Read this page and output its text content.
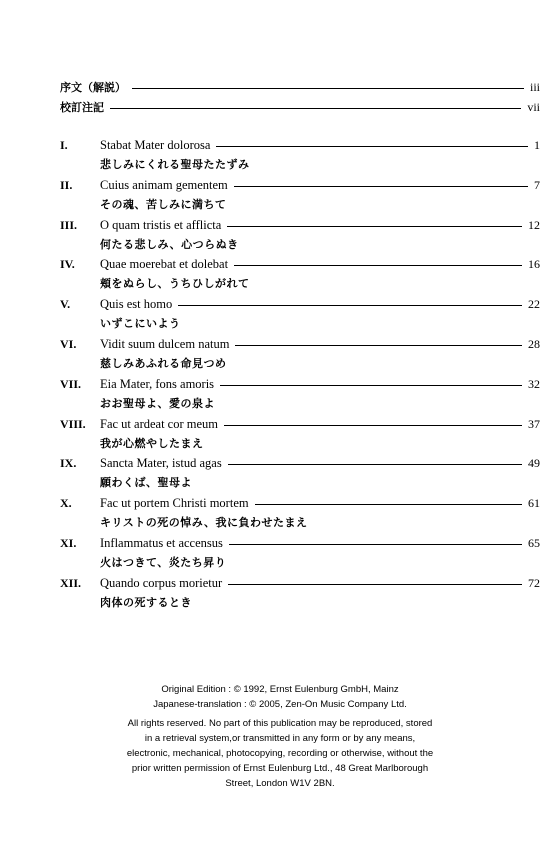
序文（解説）	iii
校訂注記	vii
I.	Stabat Mater dolorosa	1
悲しみにくれる聖母たたずみ
II. Cuius animam gementem	7
その魂、苦しみに満ちて
III. O quam tristis et afflicta	12
何たる悲しみ、心つらぬき
IV. Quae moerebat et dolebat	16
頬をぬらし、うちひしがれて
V. Quis est homo	22
いずこにいよう
VI. Vidit suum dulcem natum	28
慈しみあふれる命見つめ
VII. Eia Mater, fons amoris	32
おお聖母よ、愛の泉よ
VIII. Fac ut ardeat cor meum	37
我が心燃やしたまえ
IX. Sancta Mater, istud agas	49
願わくば、聖母よ
X. Fac ut portem Christi mortem	61
キリストの死の悼み、我に負わせたまえ
XI. Inflammatus et accensus	65
火はつきて、炎たち昇り
XII. Quando corpus morietur	72
肉体の死するとき
Original Edition : © 1992, Ernst Eulenburg GmbH, Mainz
Japanese-translation : © 2005, Zen-On Music Company Ltd.
All rights reserved. No part of this publication may be reproduced, stored
in a retrieval system,or transmitted in any form or by any means,
electronic, mechanical, photocopying, recording or otherwise, without the
prior written permission of Ernst Eulenburg Ltd., 48 Great Marlborough
Street, London W1V 2BN.
